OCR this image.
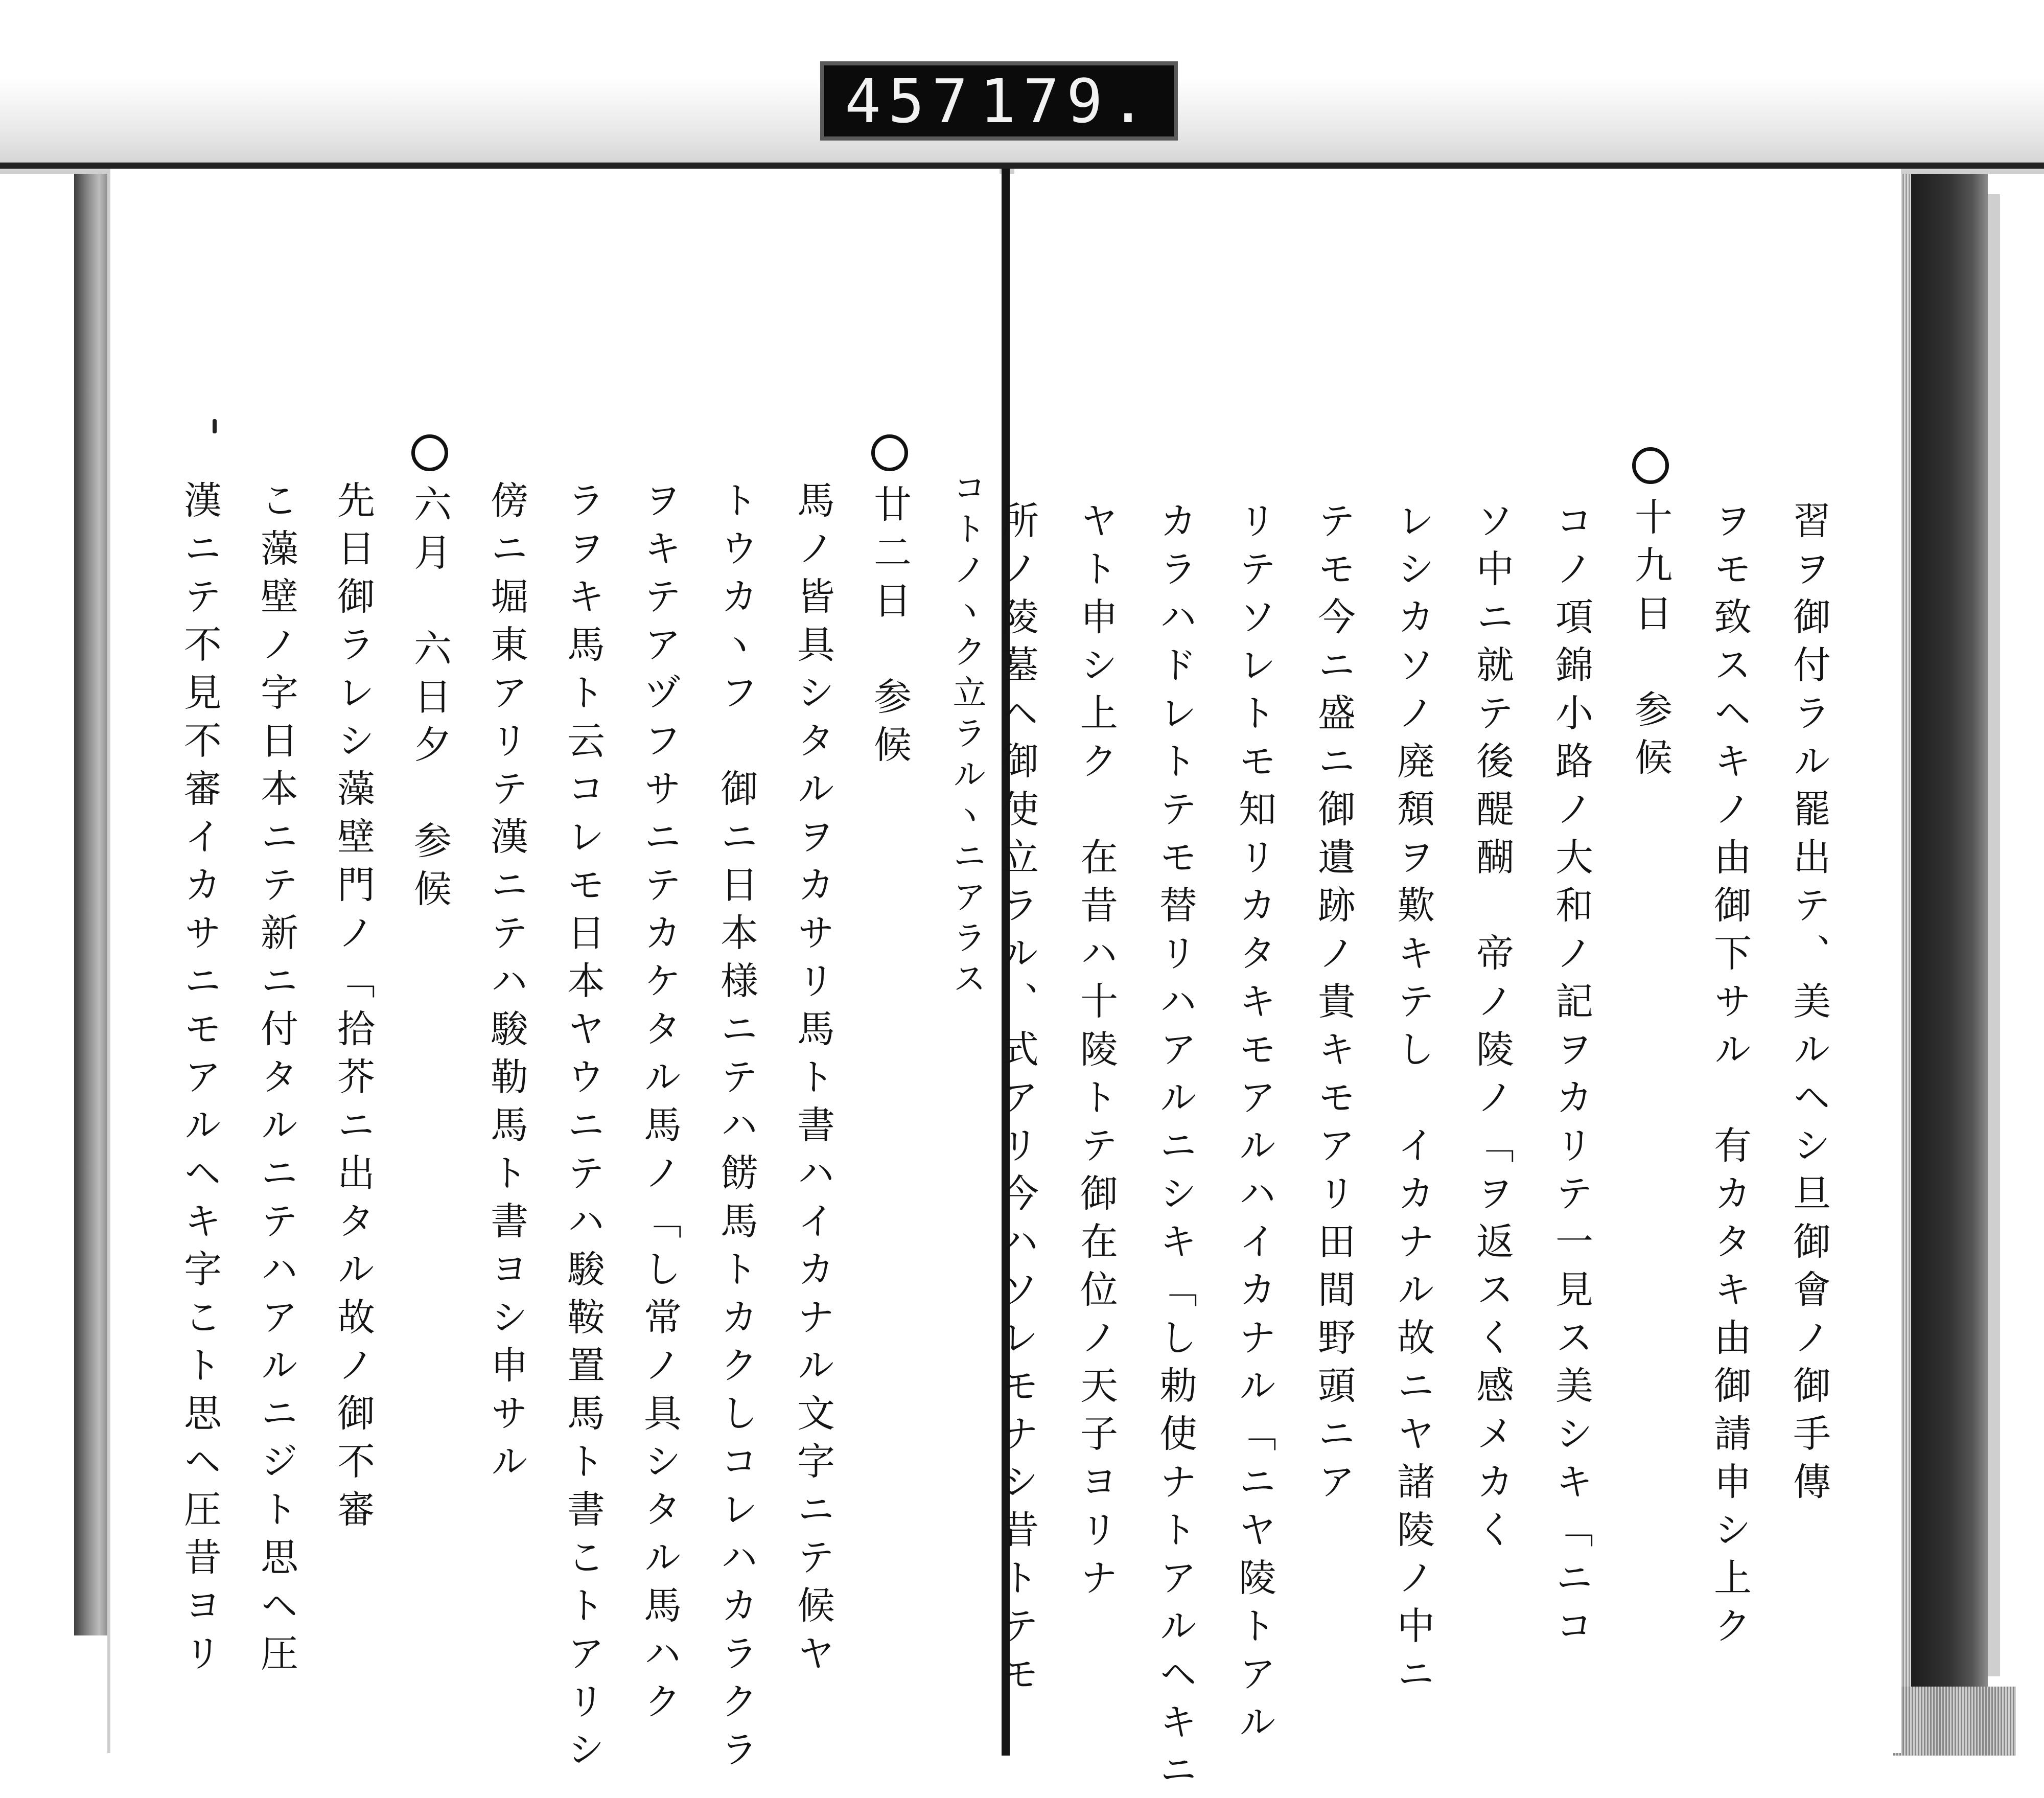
457 179.
コトノヽク立ラルヽニアラス
廿二日　参候
馬ノ皆具シタルヲカサリ馬ト書ハイカナル文字ニテ候ヤ
トウカヽフ　御ニ日本様ニテハ餝馬トカクしコレハカラクラ
ヲキテアヅフサニテカケタル馬ノ「し常ノ具シタル馬ハク
ラヲキ馬ト云コレモ日本ヤウニテハ駿鞍置馬ト書こトアリシ
傍ニ堀東アリテ漢ニテハ駿勒馬ト書ヨシ申サル
六月　六日夕　参候
先日御ラレシ藻壁門ノ「拾芥ニ出タル故ノ御不審
こ藻壁ノ字日本ニテ新ニ付タルニテハアルニジト思ヘ圧
漢ニテ不見不審イカサニモアルヘキ字こト思ヘ圧昔ヨリ	習ヲ御付ラル罷出テ、美ルヘシ旦御會ノ御手傳
ヲモ致スヘキノ由御下サル　有カタキ由御請申シ上ク
十九日　参候
コノ項錦小路ノ大和ノ記ヲカリテ一見ス美シキ「ニコ
ソ中ニ就テ後醍醐　帝ノ陵ノ「ヲ返スく感メカく
レシカソノ廃頽ヲ歎キテし　イカナル故ニヤ諸陵ノ中ニ
テモ今ニ盛ニ御遺跡ノ貴キモアリ田間野頭ニア
リテソレトモ知リカタキモアルハイカナル「ニヤ陵トアル
カラハドレトテモ替リハアルニシキ「し勅使ナトアルヘキニ
ヤト申シ上ク　在昔ハ十陵トテ御在位ノ天子ヨリナ
所ノ陵墓ヘ御使立ラル、式アリ今ハソレモナシ昔トテモ
